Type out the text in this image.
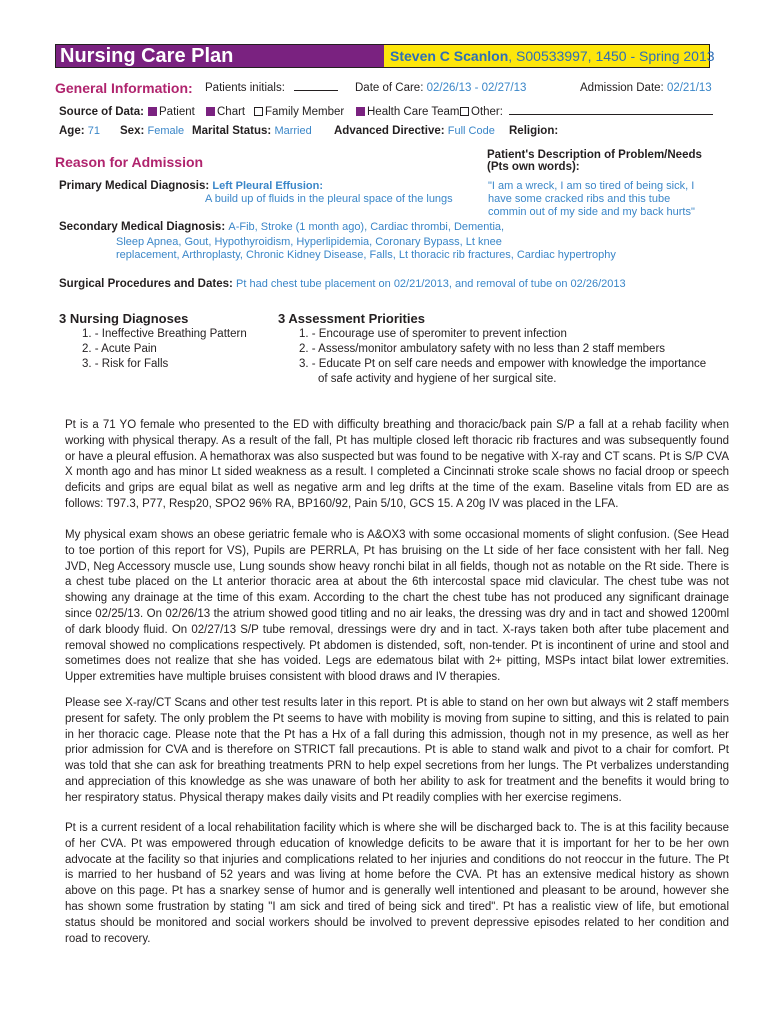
Nursing Care Plan	Steven C Scanlon, S00533997, 1450 - Spring 2013
General Information: Patients initials:	Date of Care: 02/26/13 - 02/27/13	Admission Date: 02/21/13
Source of Data:	Patient	Chart	Family Member	Health Care Team	Other:
Age: 71 Sex: Female Marital Status: Married Advanced Directive: Full Code Religion:
Reason for Admission	Patient's Description of Problem/Needs
(Pts own words):
"I am a wreck, I am so tired of being sick, I have some cracked ribs and this tube commin out of my side and my back hurts"
Primary Medical Diagnosis: Left Pleural Effusion:
A build up of fluids in the pleural space of the lungs
Secondary Medical Diagnosis: A-Fib, Stroke (1 month ago), Cardiac thrombi, Dementia,
Sleep Apnea, Gout, Hypothyroidism, Hyperlipidemia, Coronary Bypass, Lt knee
replacement, Arthroplasty, Chronic Kidney Disease, Falls, Lt thoracic rib fractures, Cardiac hypertrophy
Surgical Procedures and Dates: Pt had chest tube placement on 02/21/2013, and removal of tube on 02/26/2013
3 Nursing Diagnoses
1. - Ineffective Breathing Pattern
2. - Acute Pain
3. - Risk for Falls
3 Assessment Priorities
1. - Encourage use of speromiter to prevent infection
2. - Assess/monitor ambulatory safety with no less than 2 staff members
3. - Educate Pt on self care needs and empower with knowledge the importance
of safe activity and hygiene of her surgical site.

Pt is a 71 YO female who presented to the ED with difficulty breathing and thoracic/back pain S/P a fall at a rehab facility when working with physical therapy. As a result of the fall, Pt has multiple closed left thoracic rib fractures and was subsequently found or have a pleural effusion. A hemathorax was also suspected but was found to be negative with X-ray and CT scans. Pt is S/P CVA X month ago and has minor Lt sided weakness as a result. I completed a Cincinnati stroke scale shows no facial droop or speech deficits and grips are equal bilat as well as negative arm and leg drifts at the time of the exam. Baseline vitals from ED are as follows: T97.3, P77, Resp20, SPO2 96% RA, BP160/92, Pain 5/10, GCS 15. A 20g IV was placed in the LFA.

My physical exam shows an obese geriatric female who is A&OX3 with some occasional moments of slight confusion. (See Head to toe portion of this report for VS), Pupils are PERRLA, Pt has bruising on the Lt side of her face consistent with her fall. Neg JVD, Neg Accessory muscle use, Lung sounds show heavy ronchi bilat in all fields, though not as notable on the Rt side. There is a chest tube placed on the Lt anterior thoracic area at about the 6th intercostal space mid clavicular. The chest tube was not showing any drainage at the time of this exam. According to the chart the chest tube has not produced any significant drainage since 02/25/13. On 02/26/13 the atrium showed good titling and no air leaks, the dressing was dry and in tact and showed 1200ml of dark bloody fluid. On 02/27/13 S/P tube removal, dressings were dry and in tact. X-rays taken both after tube placement and removal showed no complications respectively. Pt abdomen is distended, soft, non-tender. Pt is incontinent of urine and stool and sometimes does not realize that she has voided. Legs are edematous bilat with 2+ pitting, MSPs intact bilat lower extremities. Upper extremities have multiple bruises consistent with blood draws and IV therapies.

Please see X-ray/CT Scans and other test results later in this report. Pt is able to stand on her own but always wit 2 staff members present for safety. The only problem the Pt seems to have with mobility is moving from supine to sitting, and this is related to pain in her thoracic cage. Please note that the Pt has a Hx of a fall during this admission, though not in my presence, as well as her prior admission for CVA and is therefore on STRICT fall precautions. Pt is able to stand walk and pivot to a chair for comfort. Pt was told that she can ask for breathing treatments PRN to help expel secretions from her lungs. The Pt verbalizes understanding and appreciation of this knowledge as she was unaware of both her ability to ask for treatment and the benefits it would bring to her respiratory status. Physical therapy makes daily visits and Pt readily complies with her exercise regimens.

Pt is a current resident of a local rehabilitation facility which is where she will be discharged back to. The is at this facility because of her CVA. Pt was empowered through education of knowledge deficits to be aware that it is important for her to be her own advocate at the facility so that injuries and complications related to her injuries and conditions do not reoccur in the future. The Pt is married to her husband of 52 years and was living at home before the CVA. Pt has an extensive medical history as shown above on this page. Pt has a snarkey sense of humor and is generally well intentioned and pleasant to be around, however she has shown some frustration by stating "I am sick and tired of being sick and tired". Pt has a realistic view of life, but emotional status should be monitored and social workers should be involved to prevent depressive episodes related to her condition and road to recovery.
